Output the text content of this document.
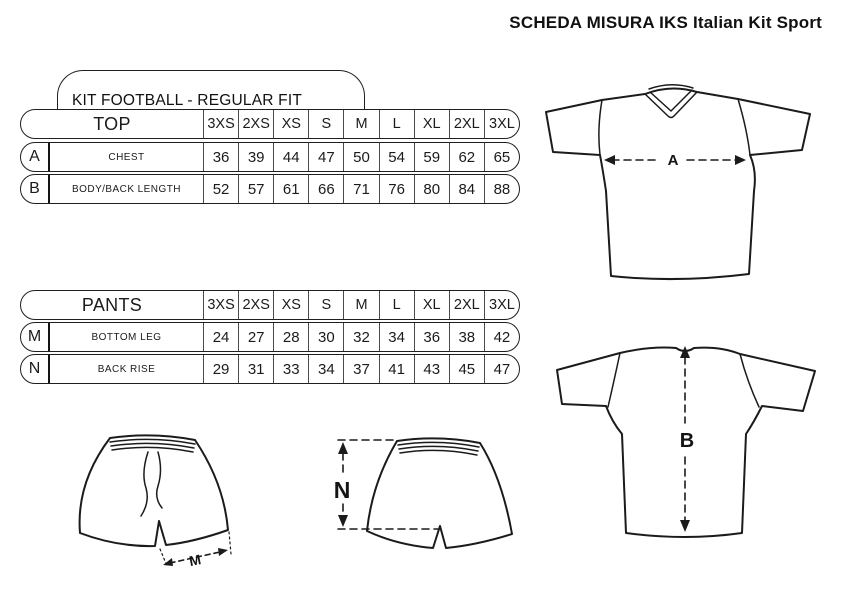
SCHEDA MISURA IKS Italian Kit Sport
KIT FOOTBALL - REGULAR FIT
TOP	3XS 2XS XS	S	M	L	XL 2XL 3XL
A	CHEST	36	39	44	47	50	54	59	62	65
B	BODY/BACK LENGTH	52	57	61	66	71	76	80	84	88
PANTS	3XS 2XS XS	S	M	L	XL 2XL 3XL
M	BOTTOM LEG	24	27	28	30	32	34	36	38	42
N	BACK RISE	29	31	33	34	37	41	43	45	47
A
B
M
N
